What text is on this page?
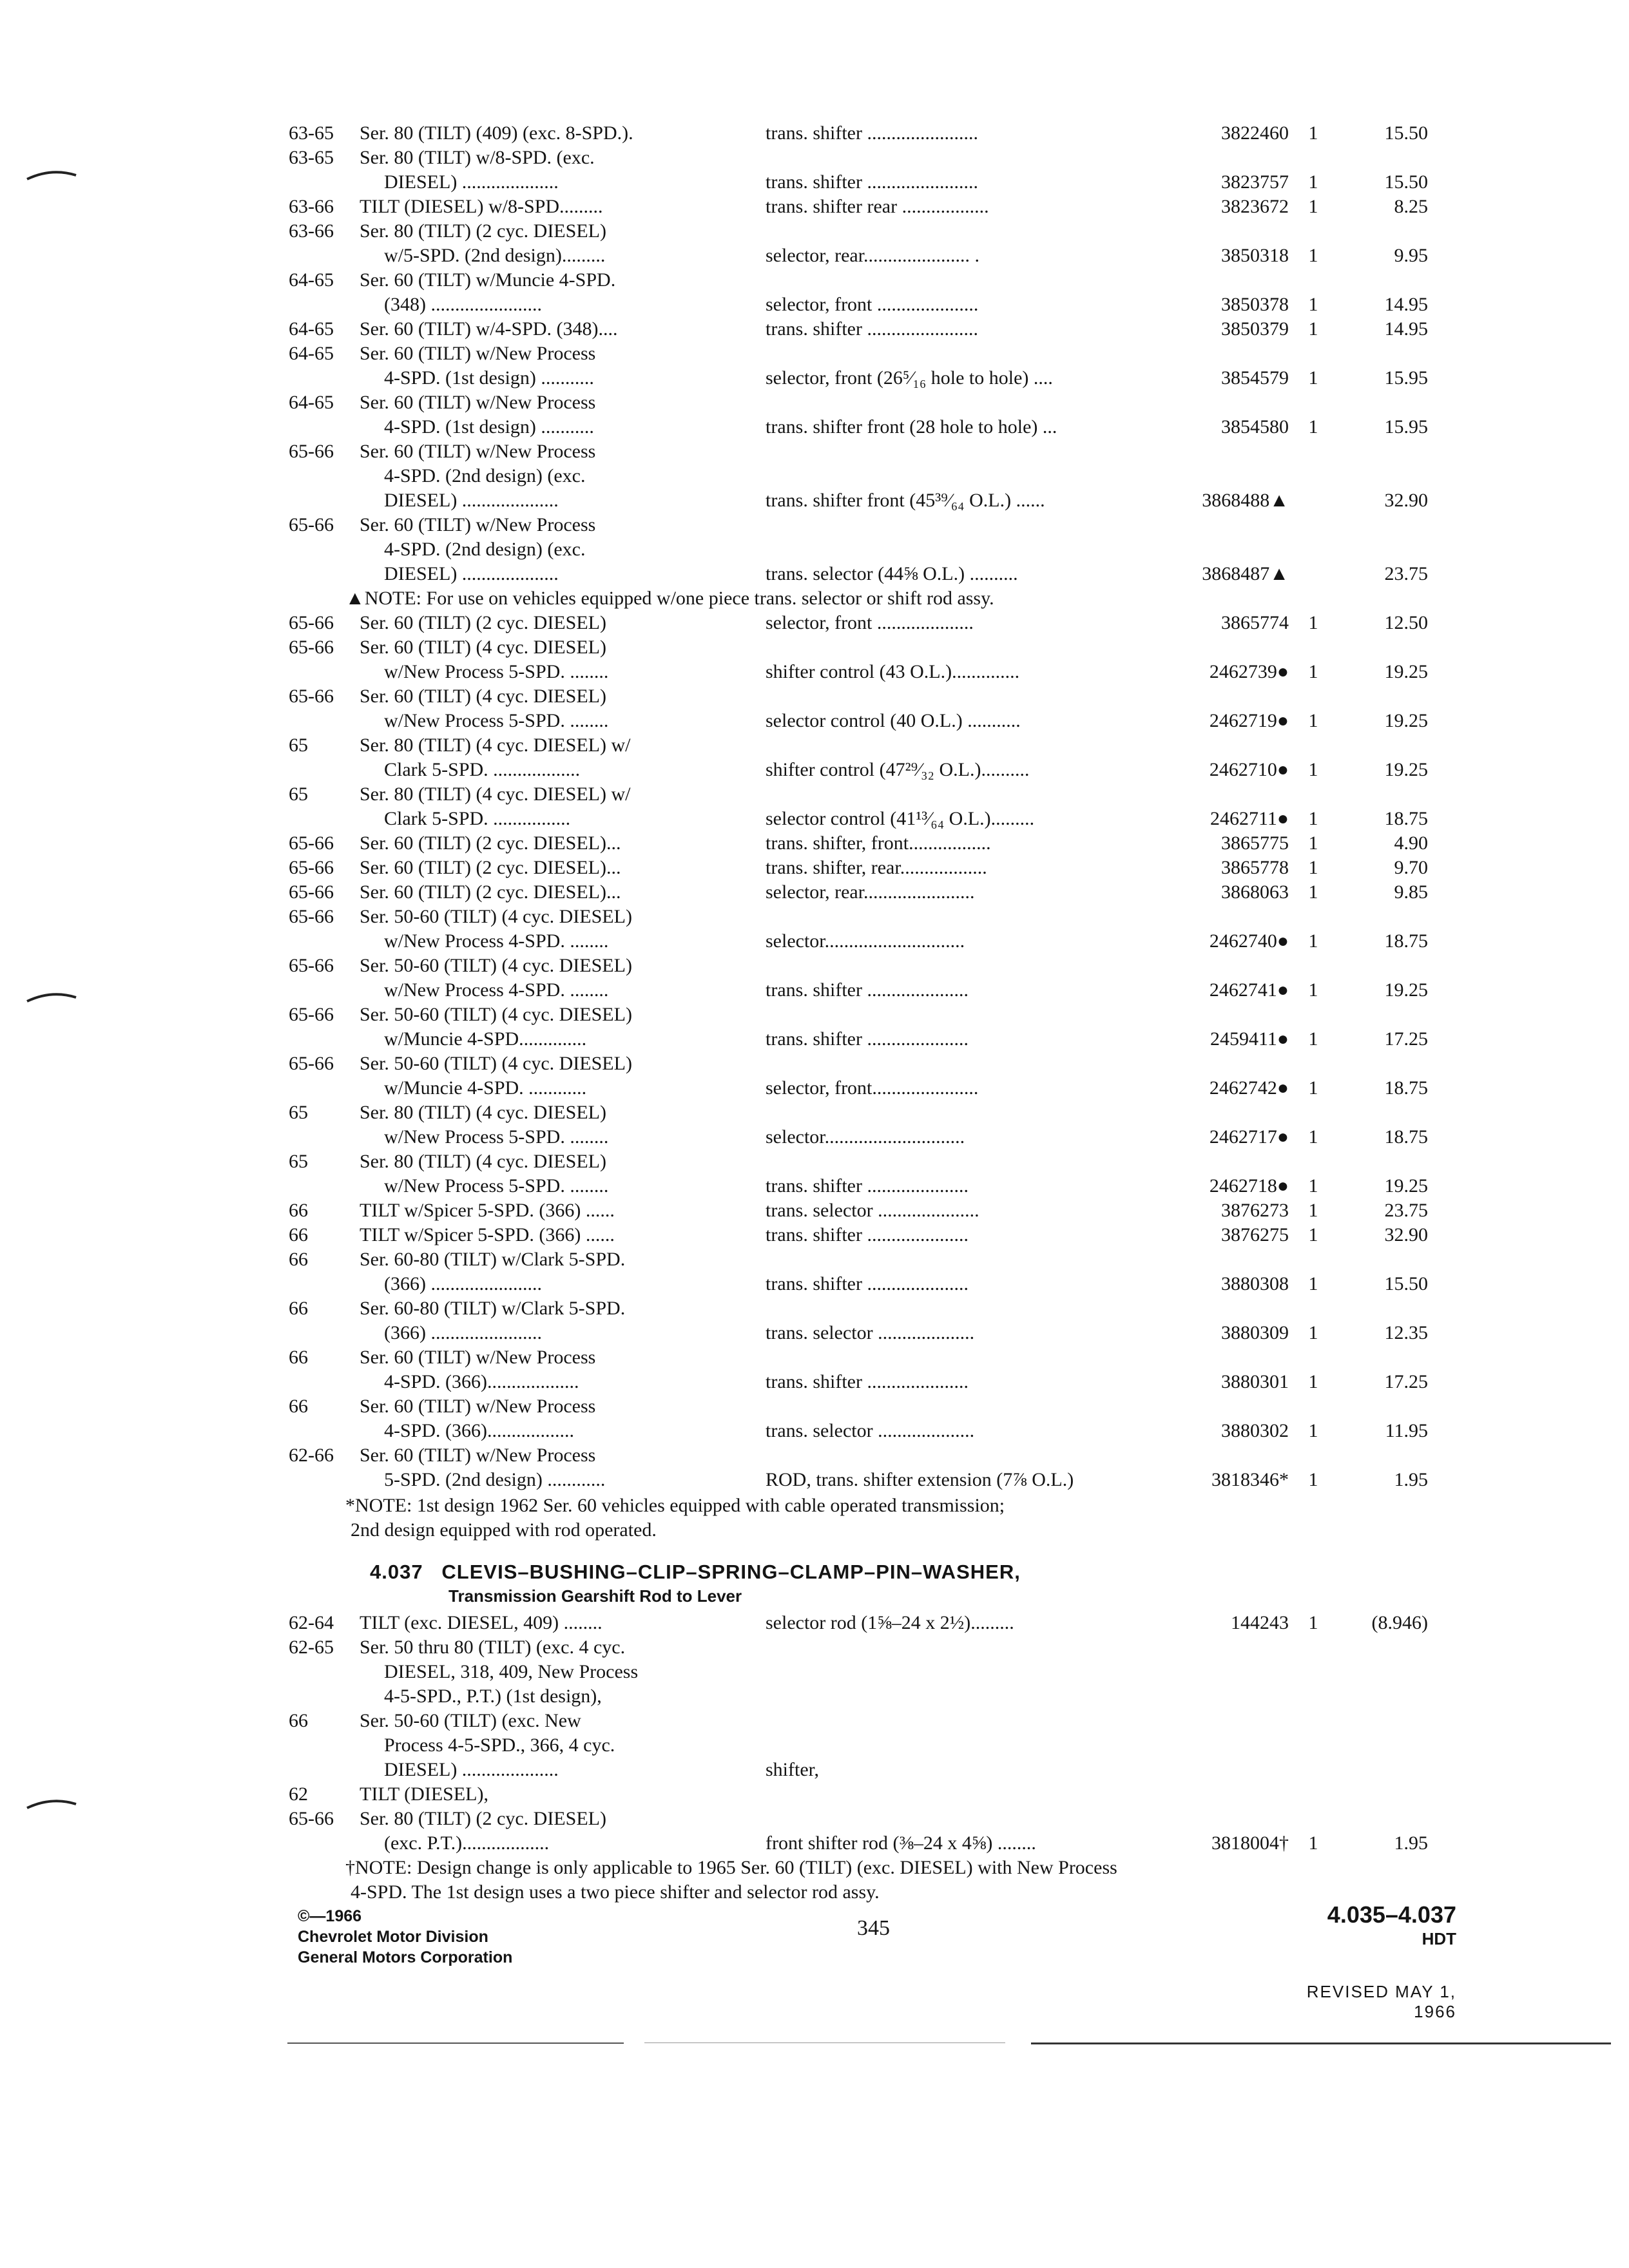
63-65 Ser. 80 (TILT) (409) (exc. 8-SPD.).	trans. shifter .......................	3822460	1	15.50
63-65 Ser. 80 (TILT) w/8-SPD. (exc.
DIESEL) ....................	trans. shifter .......................	3823757	1	15.50
63-66 TILT (DIESEL) w/8-SPD.........	trans. shifter rear ..................	3823672	1	8.25
63-66 Ser. 80 (TILT) (2 cyc. DIESEL)
w/5-SPD. (2nd design).........	selector, rear...................... .	3850318	1	9.95
64-65 Ser. 60 (TILT) w/Muncie 4-SPD.
(348) .......................	selector, front .....................	3850378	1	14.95
64-65 Ser. 60 (TILT) w/4-SPD. (348)....	trans. shifter .......................	3850379	1	14.95
64-65 Ser. 60 (TILT) w/New Process
4-SPD. (1st design) ...........	selector, front (26⁵⁄₁₆ hole to hole) ....	3854579	1	15.95
64-65 Ser. 60 (TILT) w/New Process
4-SPD. (1st design) ...........	trans. shifter front (28 hole to hole) ...	3854580	1	15.95
65-66 Ser. 60 (TILT) w/New Process
4-SPD. (2nd design) (exc.
DIESEL) ....................	trans. shifter front (45³⁹⁄₆₄ O.L.) ......	3868488▲	32.90
65-66 Ser. 60 (TILT) w/New Process
4-SPD. (2nd design) (exc.
DIESEL) ....................	trans. selector (44⅝ O.L.) ..........	3868487▲	23.75
▲NOTE: For use on vehicles equipped w/one piece trans. selector or shift rod assy.
65-66 Ser. 60 (TILT) (2 cyc. DIESEL)	selector, front ....................	3865774	1	12.50
65-66 Ser. 60 (TILT) (4 cyc. DIESEL)
w/New Process 5-SPD. ........	shifter control (43 O.L.)..............	2462739●	1	19.25
65-66 Ser. 60 (TILT) (4 cyc. DIESEL)
w/New Process 5-SPD. ........	selector control (40 O.L.) ...........	2462719●	1	19.25
65	Ser. 80 (TILT) (4 cyc. DIESEL) w/
Clark 5-SPD. ..................	shifter control (47²⁹⁄₃₂ O.L.)..........	2462710●	1	19.25
65	Ser. 80 (TILT) (4 cyc. DIESEL) w/
Clark 5-SPD. ................	selector control (41¹³⁄₆₄ O.L.).........	2462711●	1	18.75
65-66 Ser. 60 (TILT) (2 cyc. DIESEL)...	trans. shifter, front.................	3865775	1	4.90
65-66 Ser. 60 (TILT) (2 cyc. DIESEL)...	trans. shifter, rear..................	3865778	1	9.70
65-66 Ser. 60 (TILT) (2 cyc. DIESEL)...	selector, rear.......................	3868063	1	9.85
65-66 Ser. 50-60 (TILT) (4 cyc. DIESEL)
w/New Process 4-SPD. ........	selector.............................	2462740●	1	18.75
65-66 Ser. 50-60 (TILT) (4 cyc. DIESEL)
w/New Process 4-SPD. ........	trans. shifter .....................	2462741●	1	19.25
65-66 Ser. 50-60 (TILT) (4 cyc. DIESEL)
w/Muncie 4-SPD..............	trans. shifter .....................	2459411●	1	17.25
65-66 Ser. 50-60 (TILT) (4 cyc. DIESEL)
w/Muncie 4-SPD. ............	selector, front......................	2462742●	1	18.75
65	Ser. 80 (TILT) (4 cyc. DIESEL)
w/New Process 5-SPD. ........	selector.............................	2462717●	1	18.75
65	Ser. 80 (TILT) (4 cyc. DIESEL)
w/New Process 5-SPD. ........	trans. shifter .....................	2462718●	1	19.25
66	TILT w/Spicer 5-SPD. (366) ......	trans. selector .....................	3876273	1	23.75
66	TILT w/Spicer 5-SPD. (366) ......	trans. shifter .....................	3876275	1	32.90
66	Ser. 60-80 (TILT) w/Clark 5-SPD.
(366) .......................	trans. shifter .....................	3880308	1	15.50
66	Ser. 60-80 (TILT) w/Clark 5-SPD.
(366) .......................	trans. selector ....................	3880309	1	12.35
66	Ser. 60 (TILT) w/New Process
4-SPD. (366)...................	trans. shifter .....................	3880301	1	17.25
66	Ser. 60 (TILT) w/New Process
4-SPD. (366)..................	trans. selector ....................	3880302	1	11.95
62-66 Ser. 60 (TILT) w/New Process
5-SPD. (2nd design) ............	ROD, trans. shifter extension (7⅞ O.L.)	3818346*	1	1.95
*NOTE: 1st design 1962 Ser. 60 vehicles equipped with cable operated transmission;
2nd design equipped with rod operated.
4.037 CLEVIS–BUSHING–CLIP–SPRING–CLAMP–PIN–WASHER,
Transmission Gearshift Rod to Lever
62-64 TILT (exc. DIESEL, 409) ........	selector rod (1⅝–24 x 2½).........	144243	1	(8.946)
62-65 Ser. 50 thru 80 (TILT) (exc. 4 cyc.
DIESEL, 318, 409, New Process
4-5-SPD., P.T.) (1st design),
66	Ser. 50-60 (TILT) (exc. New
Process 4-5-SPD., 366, 4 cyc.
DIESEL) ....................	shifter,
62	TILT (DIESEL),
65-66 Ser. 80 (TILT) (2 cyc. DIESEL)
(exc. P.T.)..................	front shifter rod (⅜–24 x 4⅝) ........	3818004†	1	1.95
†NOTE: Design change is only applicable to 1965 Ser. 60 (TILT) (exc. DIESEL) with New Process
4-SPD. The 1st design uses a two piece shifter and selector rod assy.
©—1966
Chevrolet Motor Division
General Motors Corporation
345
4.035–4.037
HDT
REVISED MAY 1, 1966
